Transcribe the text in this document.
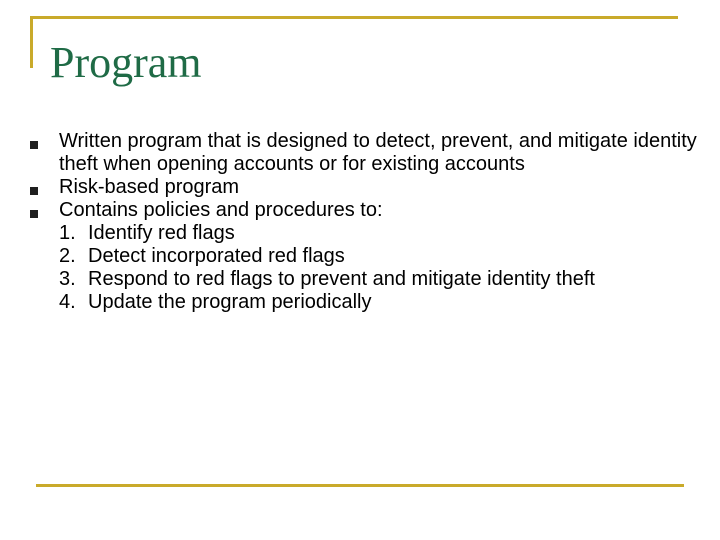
Program
Written program that is designed to detect, prevent, and mitigate identity theft when opening accounts or for existing accounts
Risk-based program
Contains policies and procedures to:
1. Identify red flags
2. Detect incorporated red flags
3. Respond to red flags to prevent and mitigate identity theft
4. Update the program periodically
